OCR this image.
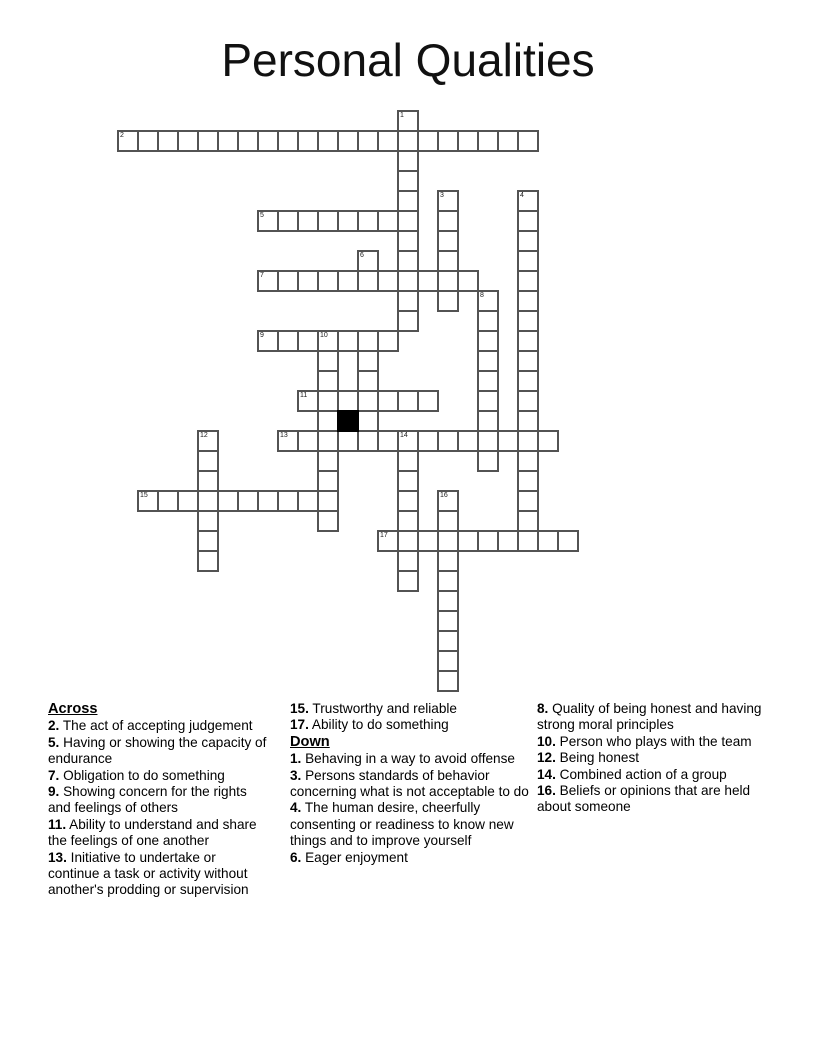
Personal Qualities
1
2
3	4
5
6
7
8
9	10
11
12	13	14
15	16
17
Across
2. The act of accepting judgement
5. Having or showing the capacity of endurance
7. Obligation to do something
9. Showing concern for the rights and feelings of others
11. Ability to understand and share the feelings of one another
13. Initiative to undertake or continue a task or activity without another's prodding or supervision
15. Trustworthy and reliable
17. Ability to do something
Down
1. Behaving in a way to avoid offense
3. Persons standards of behavior concerning what is not acceptable to do
4. The human desire, cheerfully consenting or readiness to know new things and to improve yourself
6. Eager enjoyment
8. Quality of being honest and having strong moral principles
10. Person who plays with the team
12. Being honest
14. Combined action of a group
16. Beliefs or opinions that are held about someone
